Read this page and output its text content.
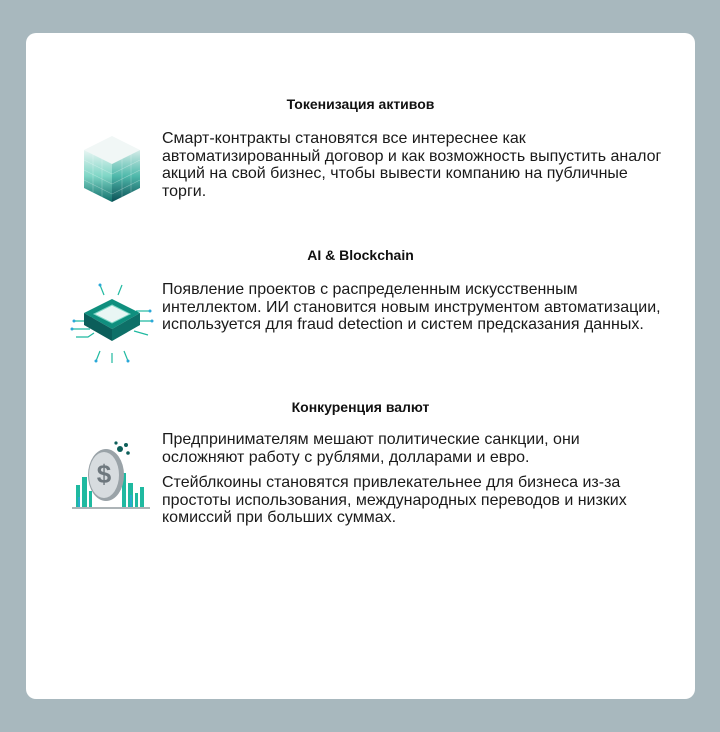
Токенизация активов

Смарт-контракты становятся все интереснее как автоматизированный договор и как возможность выпустить аналог акций на свой бизнес, чтобы вывести компанию на публичные торги.

AI & Blockchain

Появление проектов с распределенным искусственным интеллектом. ИИ становится новым инструментом автоматизации, используется для fraud detection и систем предсказания данных.

Конкуренция валют
$

Предпринимателям мешают политические санкции, они осложняют работу с рублями, долларами и евро.

Стейблкоины становятся привлекательнее для бизнеса из-за простоты использования, международных переводов и низких комиссий при больших суммах.
